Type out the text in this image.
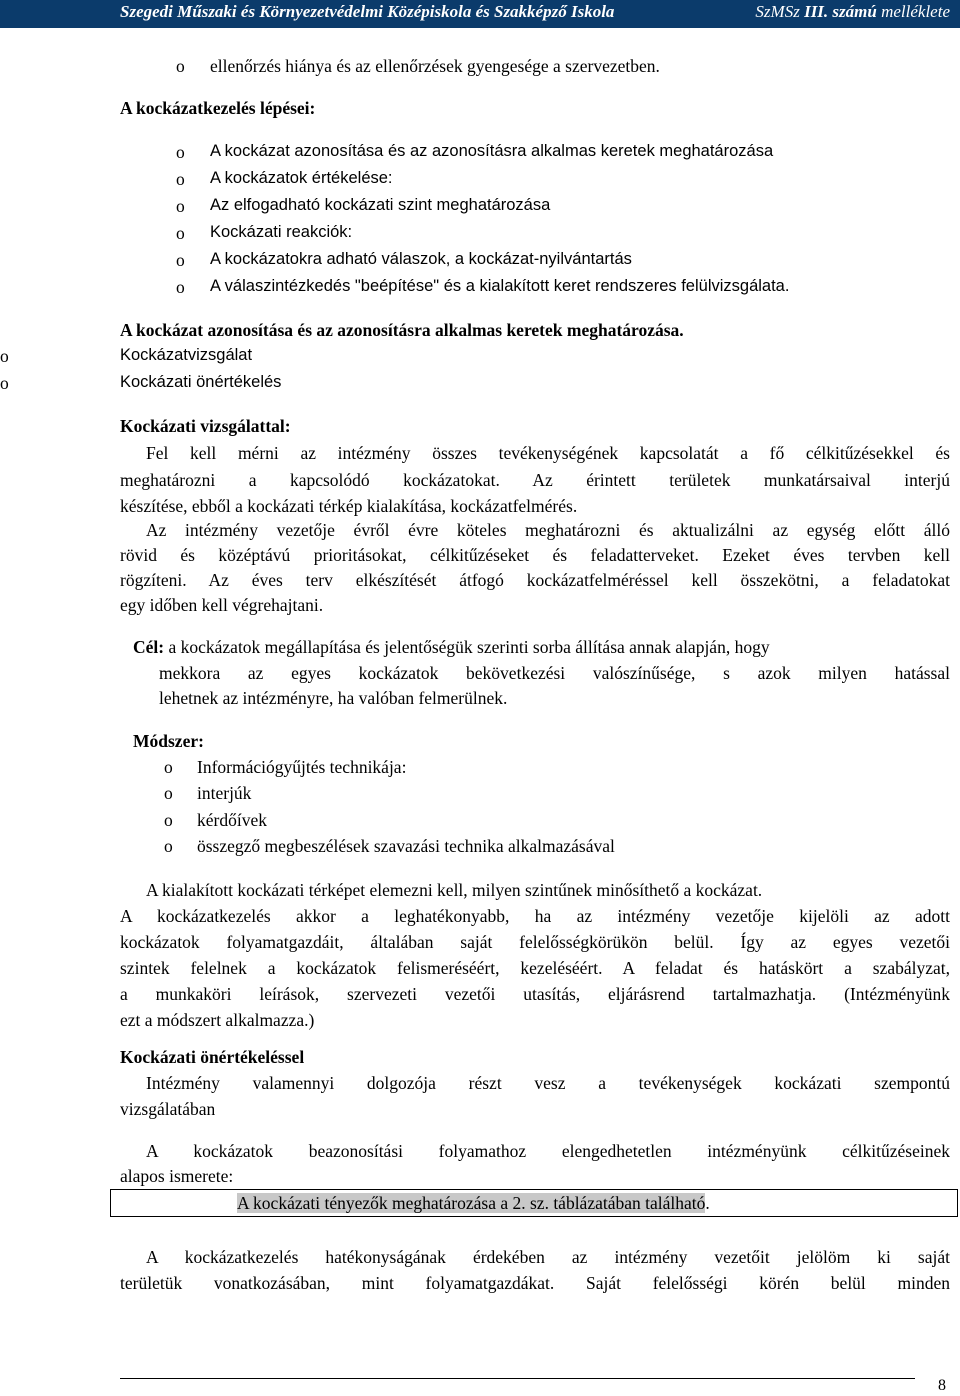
Szegedi Műszaki és Környezetvédelmi Középiskola és Szakképző Iskola	SzMSz III. számú melléklete
o	ellenőrzés hiánya és az ellenőrzések gyengesége a szervezetben.
A kockázatkezelés lépései:
o	A kockázat azonosítása és az azonosításra alkalmas keretek meghatározása
o	A kockázatok értékelése:
o	Az elfogadható kockázati szint meghatározása
o	Kockázati reakciók:
o	A kockázatokra adható válaszok, a kockázat-nyilvántartás
o	A válaszintézkedés "beépítése" és a kialakított keret rendszeres felülvizsgálata.
A kockázat azonosítása és az azonosításra alkalmas keretek meghatározása.
o	Kockázatvizsgálat
o	Kockázati önértékelés
Kockázati vizsgálattal:
Fel kell mérni az intézmény összes tevékenységének kapcsolatát a fő célkitűzésekkel és
meghatározni a kapcsolódó kockázatokat. Az érintett területek munkatársaival interjú
készítése, ebből a kockázati térkép kialakítása, kockázatfelmérés.
Az intézmény vezetője évről évre köteles meghatározni és aktualizálni az egység előtt álló
rövid és középtávú prioritásokat, célkitűzéseket és feladatterveket. Ezeket éves tervben kell
rögzíteni. Az éves terv elkészítését átfogó kockázatfelméréssel kell összekötni, a feladatokat
egy időben kell végrehajtani.
Cél: a kockázatok megállapítása és jelentőségük szerinti sorba állítása annak alapján, hogy
mekkora az egyes kockázatok bekövetkezési valószínűsége, s azok milyen hatással
lehetnek az intézményre, ha valóban felmerülnek.
Módszer:
o	Információgyűjtés technikája:
o	interjúk
o	kérdőívek
o	összegző megbeszélések szavazási technika alkalmazásával
A kialakított kockázati térképet elemezni kell, milyen szintűnek minősíthető a kockázat.
A kockázatkezelés akkor a leghatékonyabb, ha az intézmény vezetője kijelöli az adott
kockázatok folyamatgazdáit, általában saját felelősségkörükön belül. Így az egyes vezetői
szintek felelnek a kockázatok felismeréséért, kezeléséért. A feladat és hatáskört a szabályzat,
a munkaköri leírások, szervezeti vezetői utasítás, eljárásrend tartalmazhatja. (Intézményünk
ezt a módszert alkalmazza.)
Kockázati önértékeléssel
Intézmény valamennyi dolgozója részt vesz a tevékenységek kockázati szempontú
vizsgálatában
A kockázatok beazonosítási folyamathoz elengedhetetlen intézményünk célkitűzéseinek
alapos ismerete:
A kockázati tényezők meghatározása a 2. sz. táblázatában található.
A kockázatkezelés hatékonyságának érdekében az intézmény vezetőit jelölöm ki saját
területük vonatkozásában, mint folyamatgazdákat. Saját felelősségi körén belül minden
8
